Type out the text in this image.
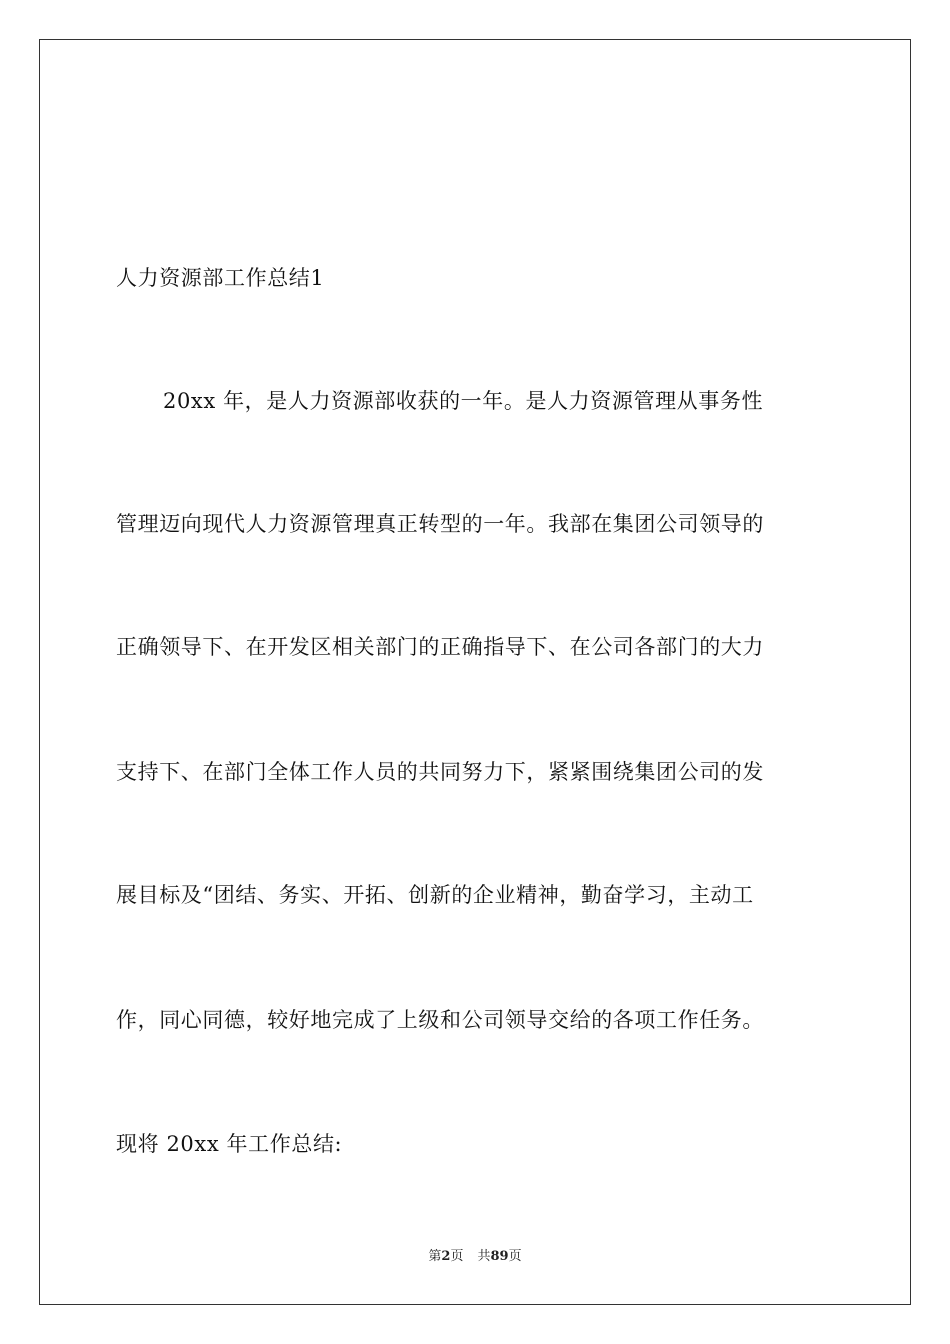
人力资源部工作总结1
20xx 年，是人力资源部收获的一年。是人力资源管理从事务性
管理迈向现代人力资源管理真正转型的一年。我部在集团公司领导的
正确领导下、在开发区相关部门的正确指导下、在公司各部门的大力
支持下、在部门全体工作人员的共同努力下，紧紧围绕集团公司的发
展目标及“团结、务实、开拓、创新的企业精神，勤奋学习，主动工
作，同心同德，较好地完成了上级和公司领导交给的各项工作任务。
现将 20xx 年工作总结:
第2页 共89页
